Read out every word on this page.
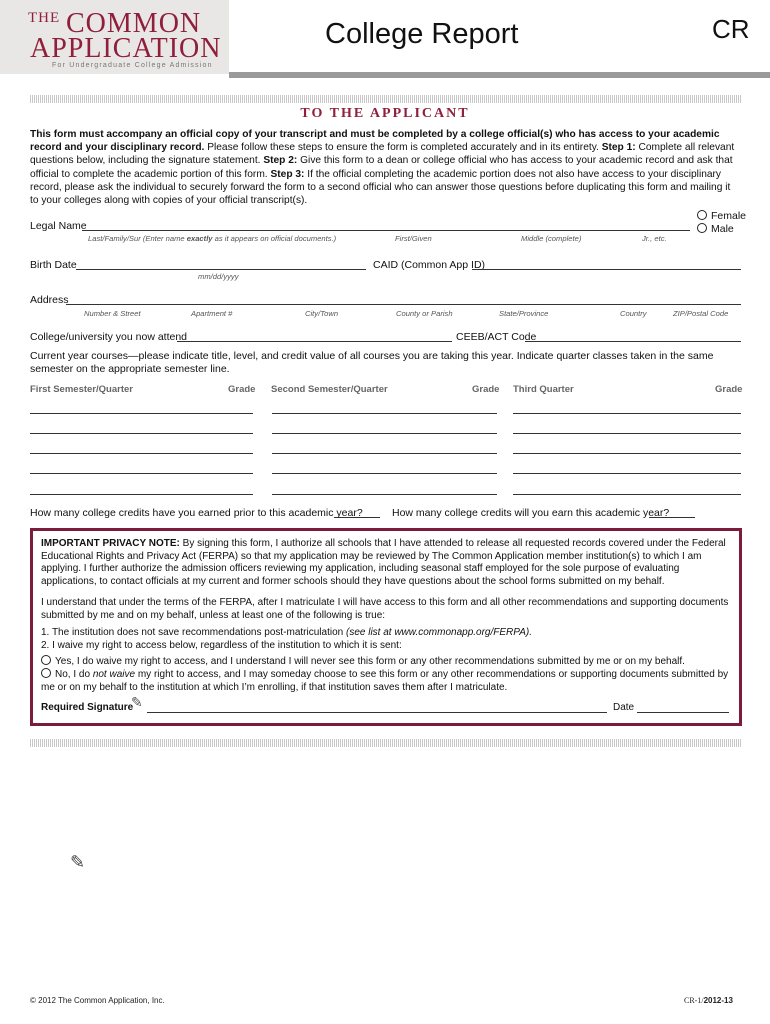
THE COMMON
APPLICATION
For Undergraduate College Admission
College Report	CR
TO THE APPLICANT
This form must accompany an official copy of your transcript and must be completed by a college official(s) who has access to your academic record and your disciplinary record. Please follow these steps to ensure the form is completed accurately and in its entirety. Step 1: Complete all relevant questions below, including the signature statement. Step 2: Give this form to a dean or college official who has access to your academic record and ask that official to complete the academic portion of this form. Step 3: If the official completing the academic portion does not also have access to your disciplinary record, please ask the individual to securely forward the form to a second official who can answer those questions before duplicating this form and mailing it to your colleges along with copies of your official transcript(s).
Female
Male
Legal Name
Last/Family/Sur (Enter name exactly as it appears on official documents.)	First/Given	Middle (complete)	Jr., etc.
Birth Date
mm/dd/yyyy
CAID (Common App ID)
Address
Number & Street	Apartment #	City/Town	County or Parish	State/Province	Country	ZIP/Postal Code
College/university you now attend	CEEB/ACT Code
Current year courses—please indicate title, level, and credit value of all courses you are taking this year. Indicate quarter classes taken in the same semester on the appropriate semester line.
First Semester/Quarter	Grade Second Semester/Quarter	Grade Third Quarter	Grade
How many college credits have you earned prior to this academic year?	How many college credits will you earn this academic year?
IMPORTANT PRIVACY NOTE: By signing this form, I authorize all schools that I have attended to release all requested records covered under the Federal Educational Rights and Privacy Act (FERPA) so that my application may be reviewed by The Common Application member institution(s) to which I am applying. I further authorize the admission officers reviewing my application, including seasonal staff employed for the sole purpose of evaluating applications, to contact officials at my current and former schools should they have questions about the school forms submitted on my behalf.
I understand that under the terms of the FERPA, after I matriculate I will have access to this form and all other recommendations and supporting documents submitted by me and on my behalf, unless at least one of the following is true:
1. The institution does not save recommendations post-matriculation (see list at www.commonapp.org/FERPA).
2. I waive my right to access below, regardless of the institution to which it is sent:
Yes, I do waive my right to access, and I understand I will never see this form or any other recommendations submitted by me or on my behalf.
No, I do not waive my right to access, and I may someday choose to see this form or any other recommendations or supporting documents submitted by me or on my behalf to the institution at which I’m enrolling, if that institution saves them after I matriculate.
Required Signature
✎	Date
✎
© 2012 The Common Application, Inc.	CR-1/2012-13
